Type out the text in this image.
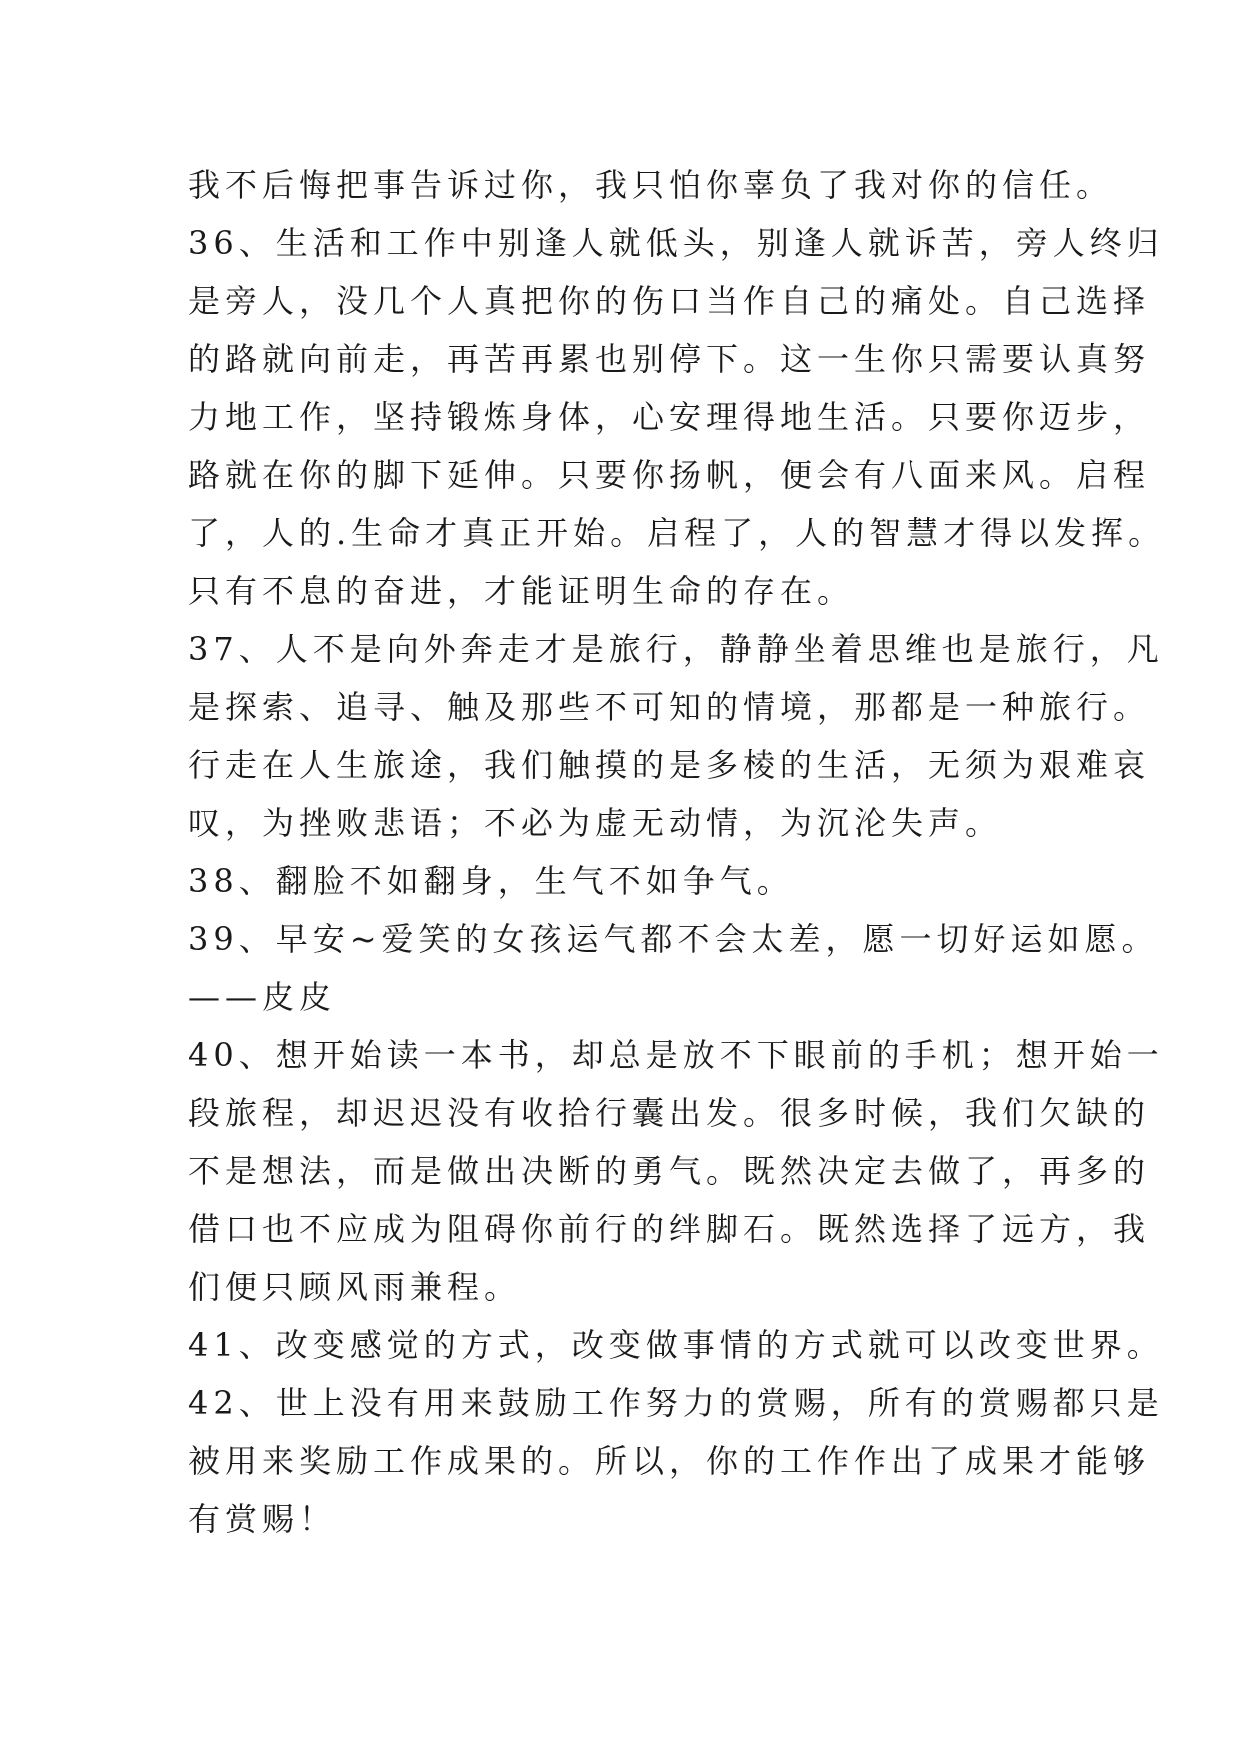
我不后悔把事告诉过你，我只怕你辜负了我对你的信任。
36、生活和工作中别逢人就低头，别逢人就诉苦，旁人终归
是旁人，没几个人真把你的伤口当作自己的痛处。自己选择
的路就向前走，再苦再累也别停下。这一生你只需要认真努
力地工作，坚持锻炼身体，心安理得地生活。只要你迈步，
路就在你的脚下延伸。只要你扬帆，便会有八面来风。启程
了，人的.生命才真正开始。启程了，人的智慧才得以发挥。
只有不息的奋进，才能证明生命的存在。
37、人不是向外奔走才是旅行，静静坐着思维也是旅行，凡
是探索、追寻、触及那些不可知的情境，那都是一种旅行。
行走在人生旅途，我们触摸的是多棱的生活，无须为艰难哀
叹，为挫败悲语；不必为虚无动情，为沉沦失声。
38、翻脸不如翻身，生气不如争气。
39、早安~爱笑的女孩运气都不会太差，愿一切好运如愿。
——皮皮
40、想开始读一本书，却总是放不下眼前的手机；想开始一
段旅程，却迟迟没有收拾行囊出发。很多时候，我们欠缺的
不是想法，而是做出决断的勇气。既然决定去做了，再多的
借口也不应成为阻碍你前行的绊脚石。既然选择了远方，我
们便只顾风雨兼程。
41、改变感觉的方式，改变做事情的方式就可以改变世界。
42、世上没有用来鼓励工作努力的赏赐，所有的赏赐都只是
被用来奖励工作成果的。所以，你的工作作出了成果才能够
有赏赐！
